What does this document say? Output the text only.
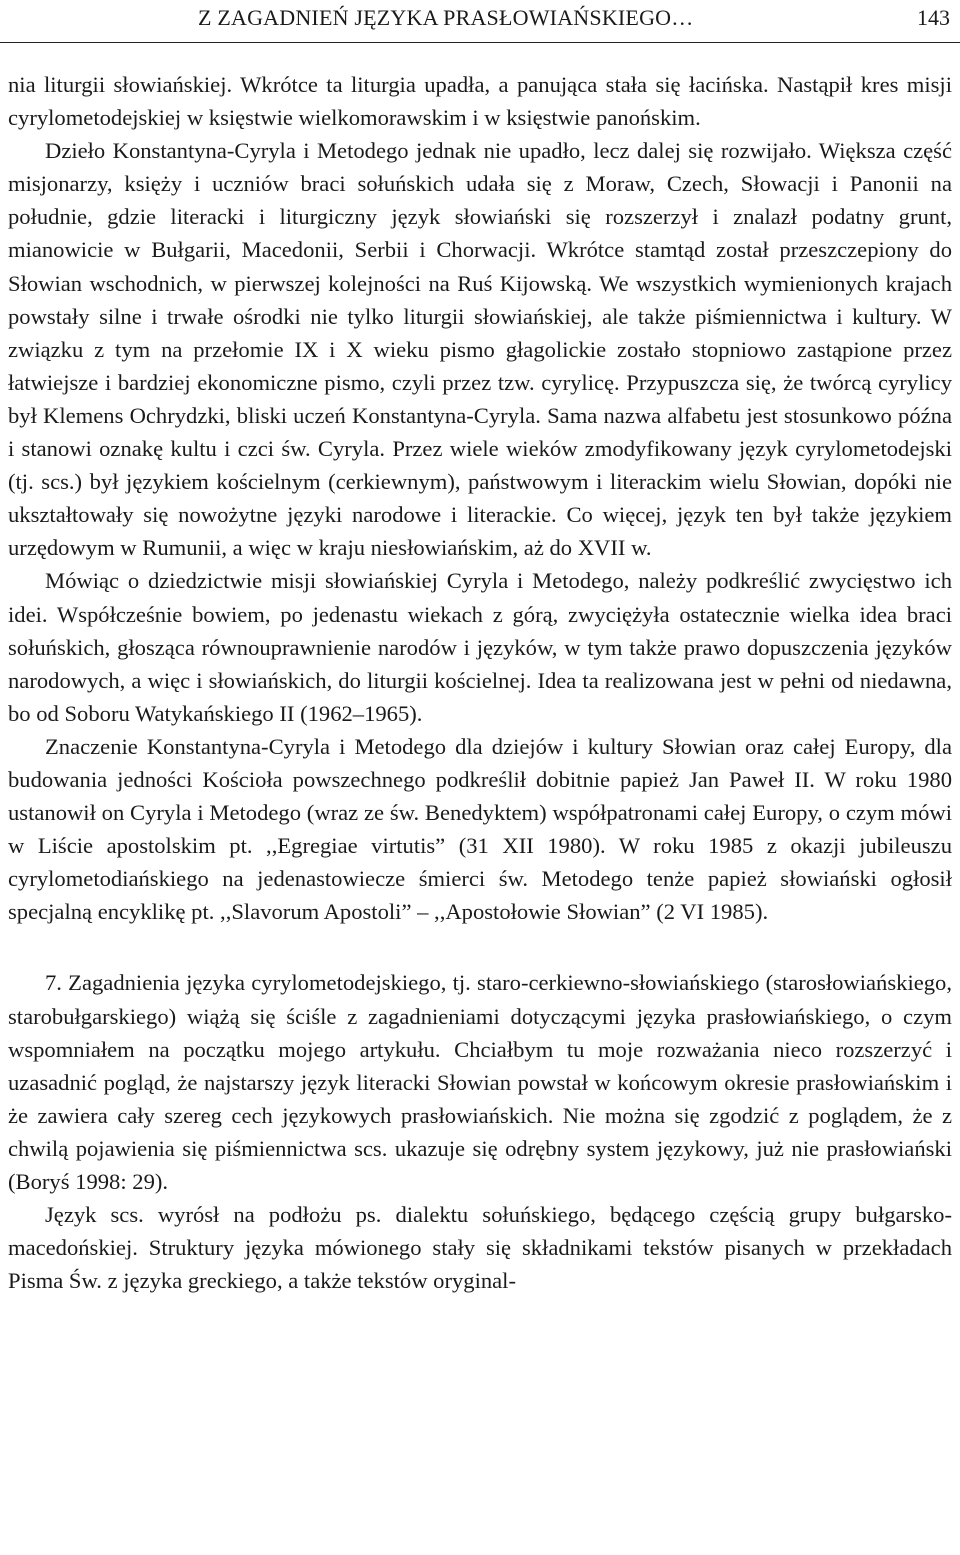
Z ZAGADNIEŃ JĘZYKA PRASŁOWIAŃSKIEGO…	143

nia liturgii słowiańskiej. Wkrótce ta liturgia upadła, a panująca stała się łacińska. Nastąpił kres misji cyrylometodejskiej w księstwie wielkomorawskim i w księstwie panońskim.

Dzieło Konstantyna-Cyryla i Metodego jednak nie upadło, lecz dalej się rozwijało. Większa część misjonarzy, księży i uczniów braci sołuńskich udała się z Moraw, Czech, Słowacji i Panonii na południe, gdzie literacki i liturgiczny język słowiański się rozszerzył i znalazł podatny grunt, mianowicie w Bułgarii, Macedonii, Serbii i Chorwacji. Wkrótce stamtąd został przeszczepiony do Słowian wschodnich, w pierwszej kolejności na Ruś Kijowską. We wszystkich wymienionych krajach powstały silne i trwałe ośrodki nie tylko liturgii słowiańskiej, ale także piśmiennictwa i kultury. W związku z tym na przełomie IX i X wieku pismo głagolickie zostało stopniowo zastąpione przez łatwiejsze i bardziej ekonomiczne pismo, czyli przez tzw. cyrylicę. Przypuszcza się, że twórcą cyrylicy był Klemens Ochrydzki, bliski uczeń Konstantyna-Cyryla. Sama nazwa alfabetu jest stosunkowo późna i stanowi oznakę kultu i czci św. Cyryla. Przez wiele wieków zmodyfikowany język cyrylometodejski (tj. scs.) był językiem kościelnym (cerkiewnym), państwowym i literackim wielu Słowian, dopóki nie ukształtowały się nowożytne języki narodowe i literackie. Co więcej, język ten był także językiem urzędowym w Rumunii, a więc w kraju niesłowiańskim, aż do XVII w.

Mówiąc o dziedzictwie misji słowiańskiej Cyryla i Metodego, należy podkreślić zwycięstwo ich idei. Współcześnie bowiem, po jedenastu wiekach z górą, zwyciężyła ostatecznie wielka idea braci sołuńskich, głosząca równouprawnienie narodów i języków, w tym także prawo dopuszczenia języków narodowych, a więc i słowiańskich, do liturgii kościelnej. Idea ta realizowana jest w pełni od niedawna, bo od Soboru Watykańskiego II (1962–1965).

Znaczenie Konstantyna-Cyryla i Metodego dla dziejów i kultury Słowian oraz całej Europy, dla budowania jedności Kościoła powszechnego podkreślił dobitnie papież Jan Paweł II. W roku 1980 ustanowił on Cyryla i Metodego (wraz ze św. Benedyktem) współpatronami całej Europy, o czym mówi w Liście apostolskim pt. ,,Egregiae virtutis” (31 XII 1980). W roku 1985 z okazji jubileuszu cyrylometodiańskiego na jedenastowiecze śmierci św. Metodego tenże papież słowiański ogłosił specjalną encyklikę pt. ,,Slavorum Apostoli” – ,,Apostołowie Słowian” (2 VI 1985).

7. Zagadnienia języka cyrylometodejskiego, tj. staro-cerkiewno-słowiańskiego (starosłowiańskiego, starobułgarskiego) wiążą się ściśle z zagadnieniami dotyczącymi języka prasłowiańskiego, o czym wspomniałem na początku mojego artykułu. Chciałbym tu moje rozważania nieco rozszerzyć i uzasadnić pogląd, że najstarszy język literacki Słowian powstał w końcowym okresie prasłowiańskim i że zawiera cały szereg cech językowych prasłowiańskich. Nie można się zgodzić z poglądem, że z chwilą pojawienia się piśmiennictwa scs. ukazuje się odrębny system językowy, już nie prasłowiański (Boryś 1998: 29).

Język scs. wyrósł na podłożu ps. dialektu sołuńskiego, będącego częścią grupy bułgarsko-macedońskiej. Struktury języka mówionego stały się składnikami tekstów pisanych w przekładach Pisma Św. z języka greckiego, a także tekstów oryginal-
